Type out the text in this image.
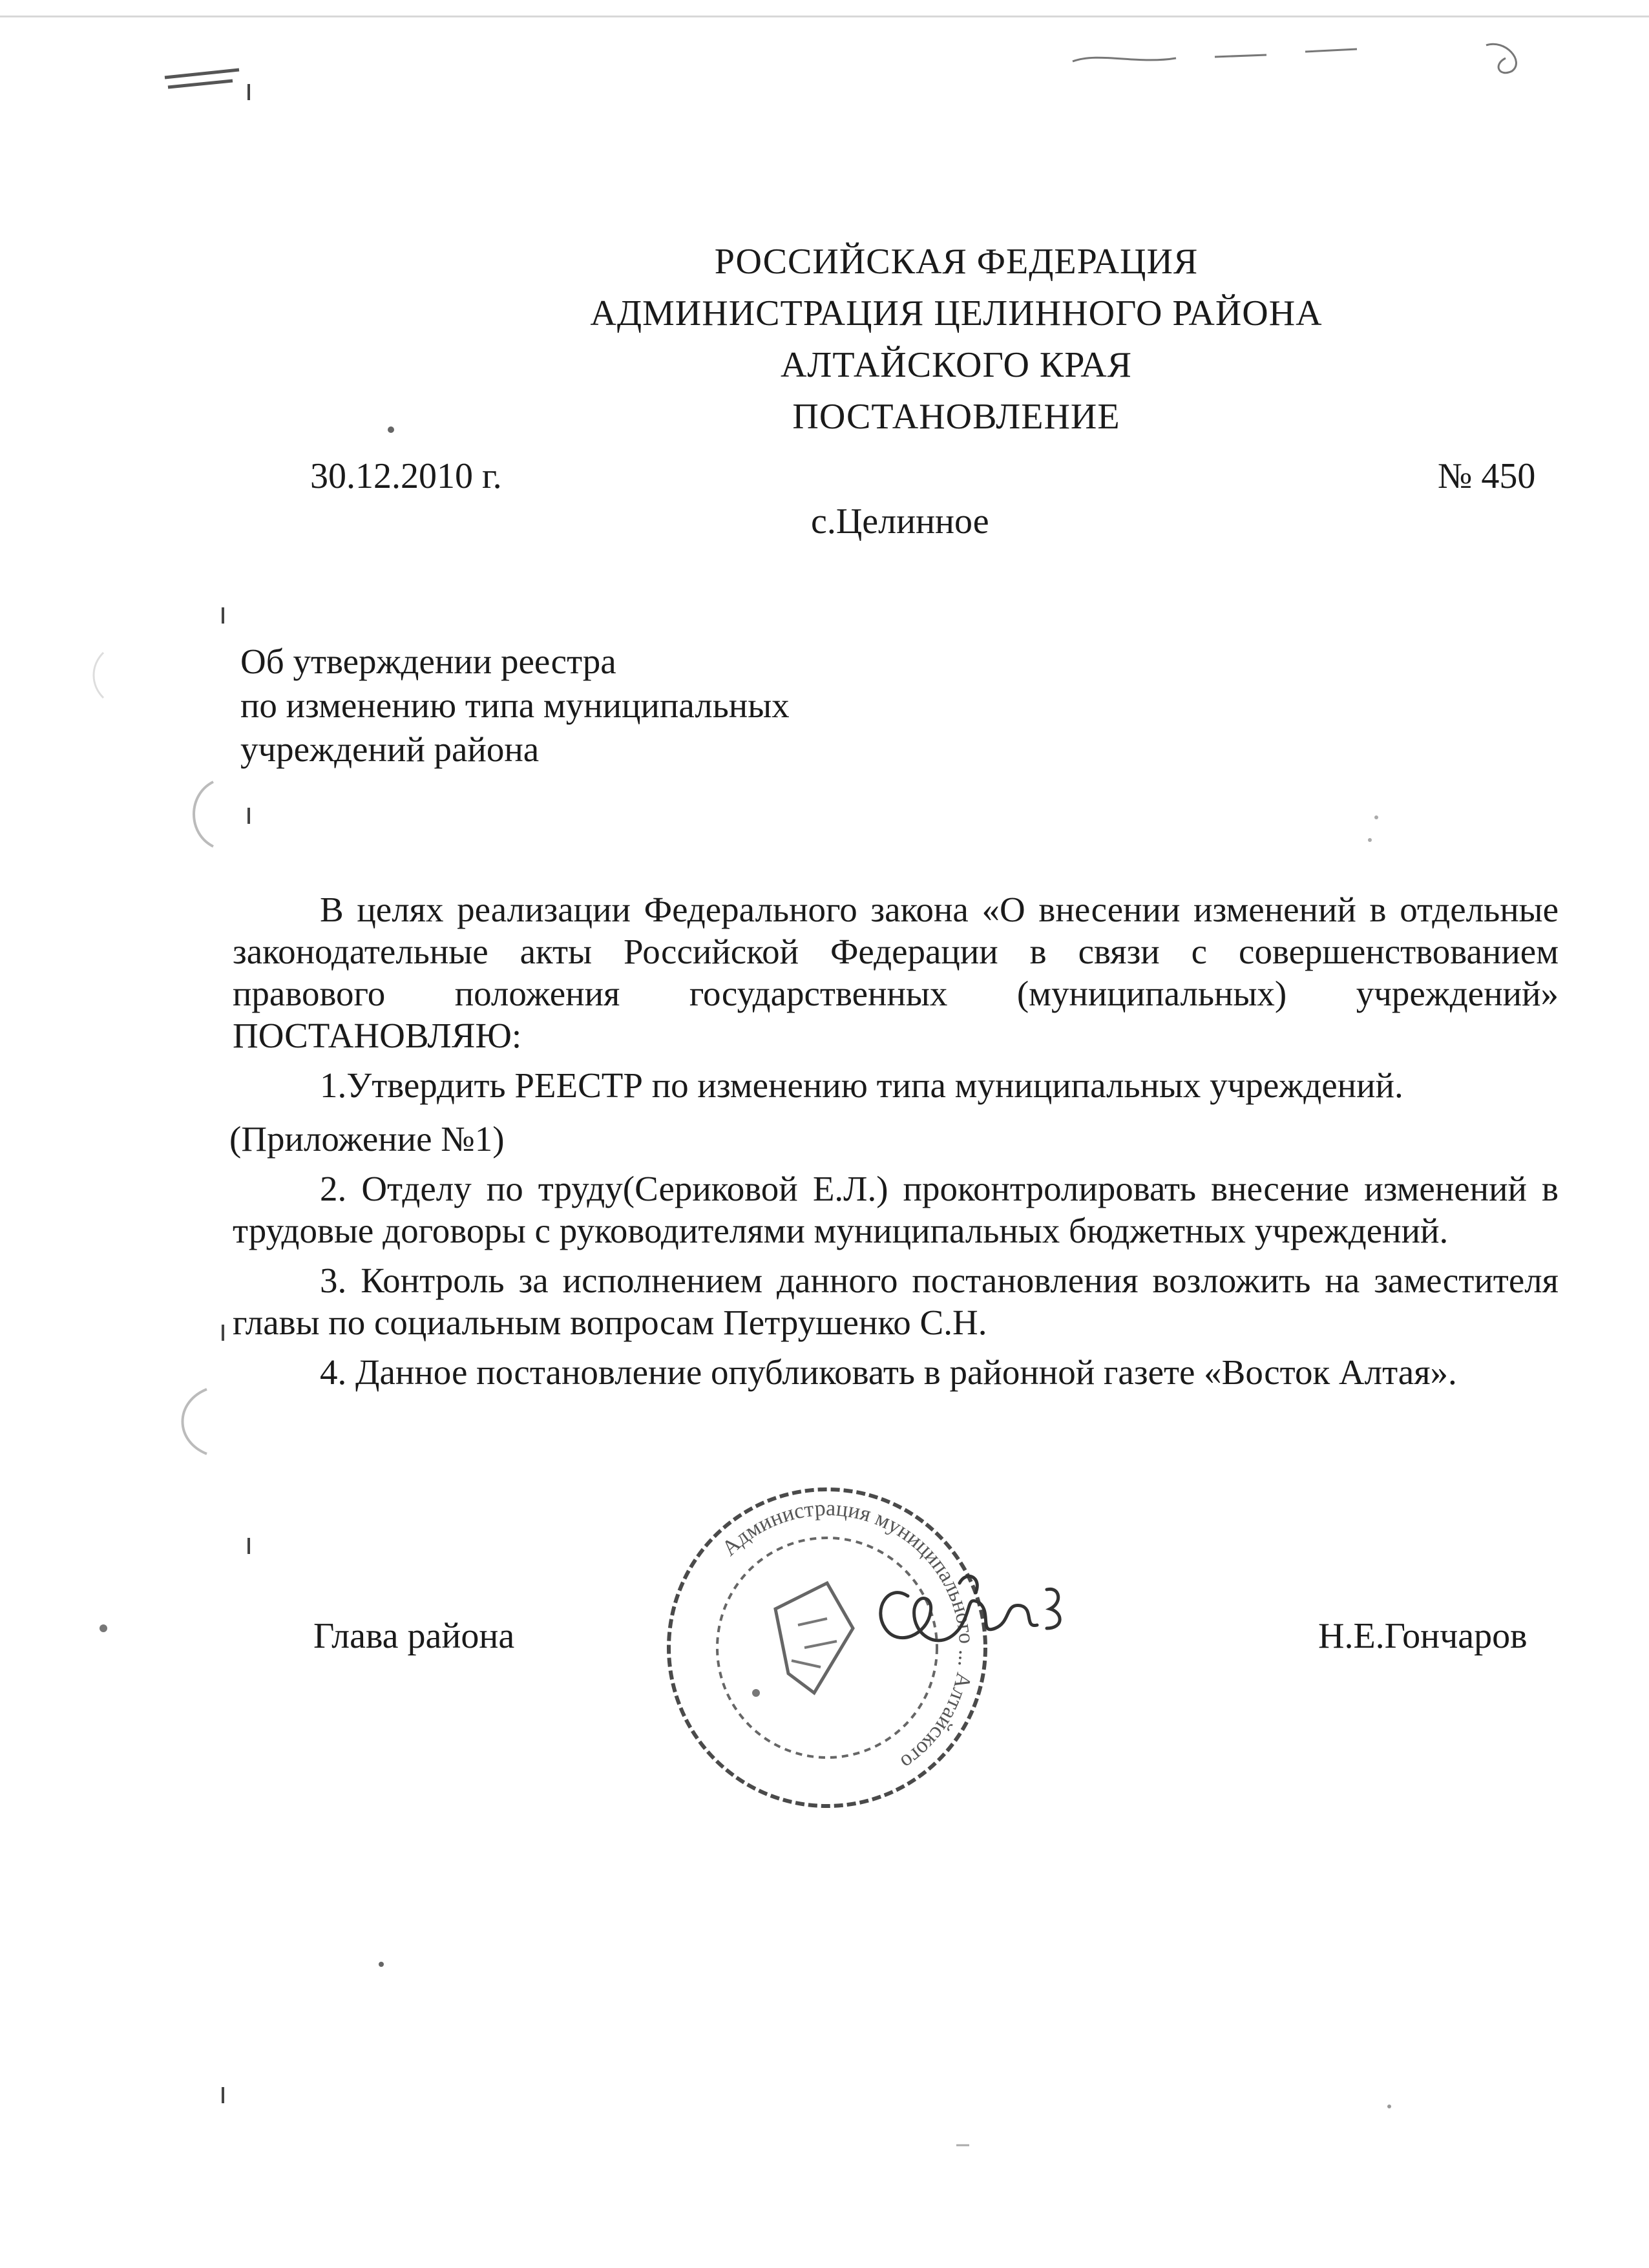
РОССИЙСКАЯ ФЕДЕРАЦИЯ
АДМИНИСТРАЦИЯ ЦЕЛИННОГО РАЙОНА
АЛТАЙСКОГО КРАЯ
ПОСТАНОВЛЕНИЕ
30.12.2010 г.	№ 450
с.Целинное
Об утверждении реестра
по изменению типа муниципальных
учреждений района

В целях реализации Федерального закона «О внесении изменений в отдельные законодательные акты Российской Федерации в связи с совершенствованием правового положения государственных (муниципальных) учреждений» ПОСТАНОВЛЯЮ:

1.Утвердить РЕЕСТР по изменению типа муниципальных учреждений.

(Приложение №1)

2. Отделу по труду(Сериковой Е.Л.) проконтролировать внесение изменений в трудовые договоры с руководителями муниципальных бюджетных учреждений.

3. Контроль за исполнением данного постановления возложить на заместителя главы по социальным вопросам Петрушенко С.Н.

4. Данное постановление опубликовать в районной газете «Восток Алтая».

Администрация муниципального ... Алтайского
Глава района	Н.Е.Гончаров
